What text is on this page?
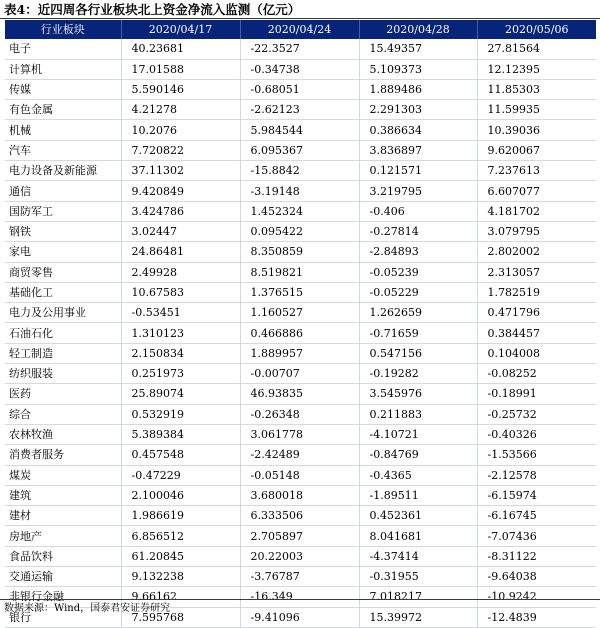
表4：近四周各行业板块北上资金净流入监测（亿元）
行业板块	2020/04/17	2020/04/24	2020/04/28	2020/05/06
电子	40.23681	-22.3527	15.49357	27.81564
计算机	17.01588	-0.34738	5.109373	12.12395
传媒	5.590146	-0.68051	1.889486	11.85303
有色金属	4.21278	-2.62123	2.291303	11.59935
机械	10.2076	5.984544	0.386634	10.39036
汽车	7.720822	6.095367	3.836897	9.620067
电力设备及新能源	37.11302	-15.8842	0.121571	7.237613
通信	9.420849	-3.19148	3.219795	6.607077
国防军工	3.424786	1.452324	-0.406	4.181702
钢铁	3.02447	0.095422	-0.27814	3.079795
家电	24.86481	8.350859	-2.84893	2.802002
商贸零售	2.49928	8.519821	-0.05239	2.313057
基础化工	10.67583	1.376515	-0.05229	1.782519
电力及公用事业	-0.53451	1.160527	1.262659	0.471796
石油石化	1.310123	0.466886	-0.71659	0.384457
轻工制造	2.150834	1.889957	0.547156	0.104008
纺织服装	0.251973	-0.00707	-0.19282	-0.08252
医药	25.89074	46.93835	3.545976	-0.18991
综合	0.532919	-0.26348	0.211883	-0.25732
农林牧渔	5.389384	3.061778	-4.10721	-0.40326
消费者服务	0.457548	-2.42489	-0.84769	-1.53566
煤炭	-0.47229	-0.05148	-0.4365	-2.12578
建筑	2.100046	3.680018	-1.89511	-6.15974
建材	1.986619	6.333506	0.452361	-6.16745
房地产	6.856512	2.705897	8.041681	-7.07436
食品饮料	61.20845	20.22003	-4.37414	-8.31122
交通运输	9.132238	-3.76787	-0.31955	-9.64038
非银行金融	9.66162	-16.349	7.018217	-10.9242
银行	7.595768	-9.41096	15.39972	-12.4839
数据来源：Wind，国泰君安证券研究
